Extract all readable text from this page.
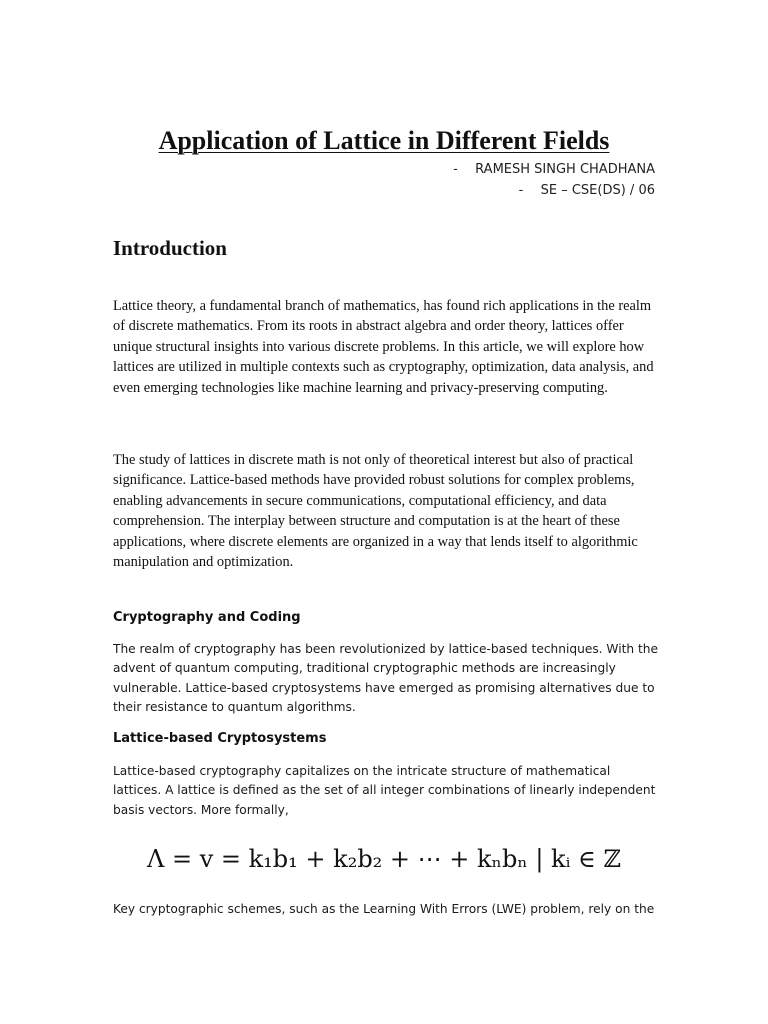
Application of Lattice in Different Fields
- RAMESH SINGH CHADHANA
- SE – CSE(DS) / 06
Introduction

Lattice theory, a fundamental branch of mathematics, has found rich applications in the realm of discrete mathematics. From its roots in abstract algebra and order theory, lattices offer unique structural insights into various discrete problems. In this article, we will explore how lattices are utilized in multiple contexts such as cryptography, optimization, data analysis, and even emerging technologies like machine learning and privacy-preserving computing.

The study of lattices in discrete math is not only of theoretical interest but also of practical significance. Lattice-based methods have provided robust solutions for complex problems, enabling advancements in secure communications, computational efficiency, and data comprehension. The interplay between structure and computation is at the heart of these applications, where discrete elements are organized in a way that lends itself to algorithmic manipulation and optimization.

Cryptography and Coding

The realm of cryptography has been revolutionized by lattice-based techniques. With the advent of quantum computing, traditional cryptographic methods are increasingly vulnerable. Lattice-based cryptosystems have emerged as promising alternatives due to their resistance to quantum algorithms.

Lattice-based Cryptosystems

Lattice-based cryptography capitalizes on the intricate structure of mathematical lattices. A lattice is defined as the set of all integer combinations of linearly independent basis vectors. More formally,

Λ = v = k₁b₁ + k₂b₂ + ⋯ + kₙbₙ | kᵢ ∈ ℤ

Key cryptographic schemes, such as the Learning With Errors (LWE) problem, rely on the
